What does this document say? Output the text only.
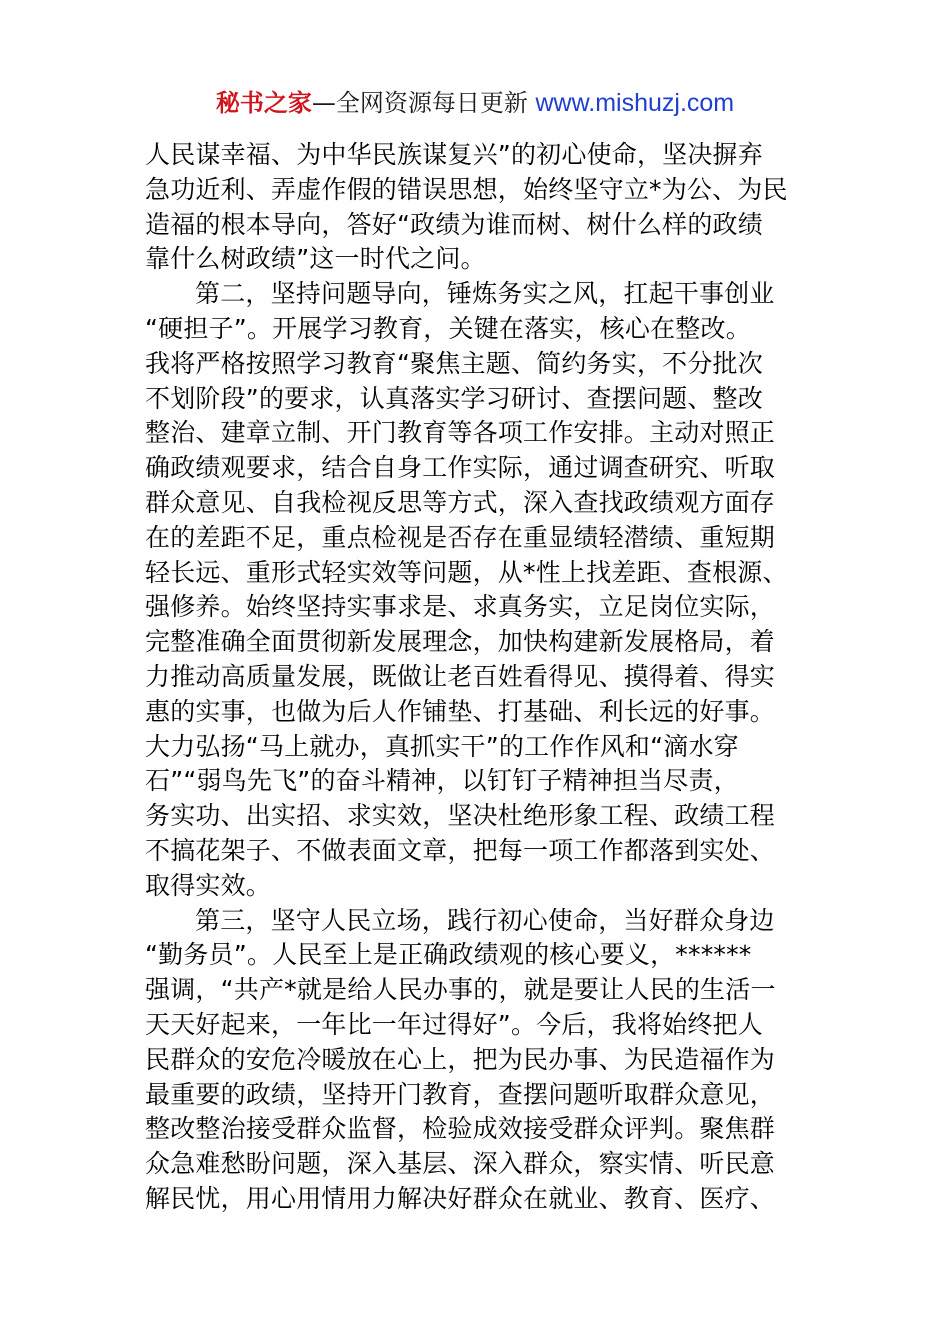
秘书之家—全网资源每日更新 www.mishuzj.com
人民谋幸福、为中华民族谋复兴”的初心使命，坚决摒弃
急功近利、弄虚作假的错误思想，始终坚守立*为公、为民
造福的根本导向，答好“政绩为谁而树、树什么样的政绩
靠什么树政绩”这一时代之问。
第二，坚持问题导向，锤炼务实之风，扛起干事创业
“硬担子”。开展学习教育，关键在落实，核心在整改。
我将严格按照学习教育“聚焦主题、简约务实，不分批次
不划阶段”的要求，认真落实学习研讨、查摆问题、整改
整治、建章立制、开门教育等各项工作安排。主动对照正
确政绩观要求，结合自身工作实际，通过调查研究、听取
群众意见、自我检视反思等方式，深入查找政绩观方面存
在的差距不足，重点检视是否存在重显绩轻潜绩、重短期
轻长远、重形式轻实效等问题，从*性上找差距、查根源、
强修养。始终坚持实事求是、求真务实，立足岗位实际，
完整准确全面贯彻新发展理念，加快构建新发展格局，着
力推动高质量发展，既做让老百姓看得见、摸得着、得实
惠的实事，也做为后人作铺垫、打基础、利长远的好事。
大力弘扬“马上就办，真抓实干”的工作作风和“滴水穿
石”“弱鸟先飞”的奋斗精神，以钉钉子精神担当尽责，
务实功、出实招、求实效，坚决杜绝形象工程、政绩工程
不搞花架子、不做表面文章，把每一项工作都落到实处、
取得实效。
第三，坚守人民立场，践行初心使命，当好群众身边
“勤务员”。人民至上是正确政绩观的核心要义，******
强调，“共产*就是给人民办事的，就是要让人民的生活一
天天好起来，一年比一年过得好”。今后，我将始终把人
民群众的安危冷暖放在心上，把为民办事、为民造福作为
最重要的政绩，坚持开门教育，查摆问题听取群众意见，
整改整治接受群众监督，检验成效接受群众评判。聚焦群
众急难愁盼问题，深入基层、深入群众，察实情、听民意
解民忧，用心用情用力解决好群众在就业、教育、医疗、
